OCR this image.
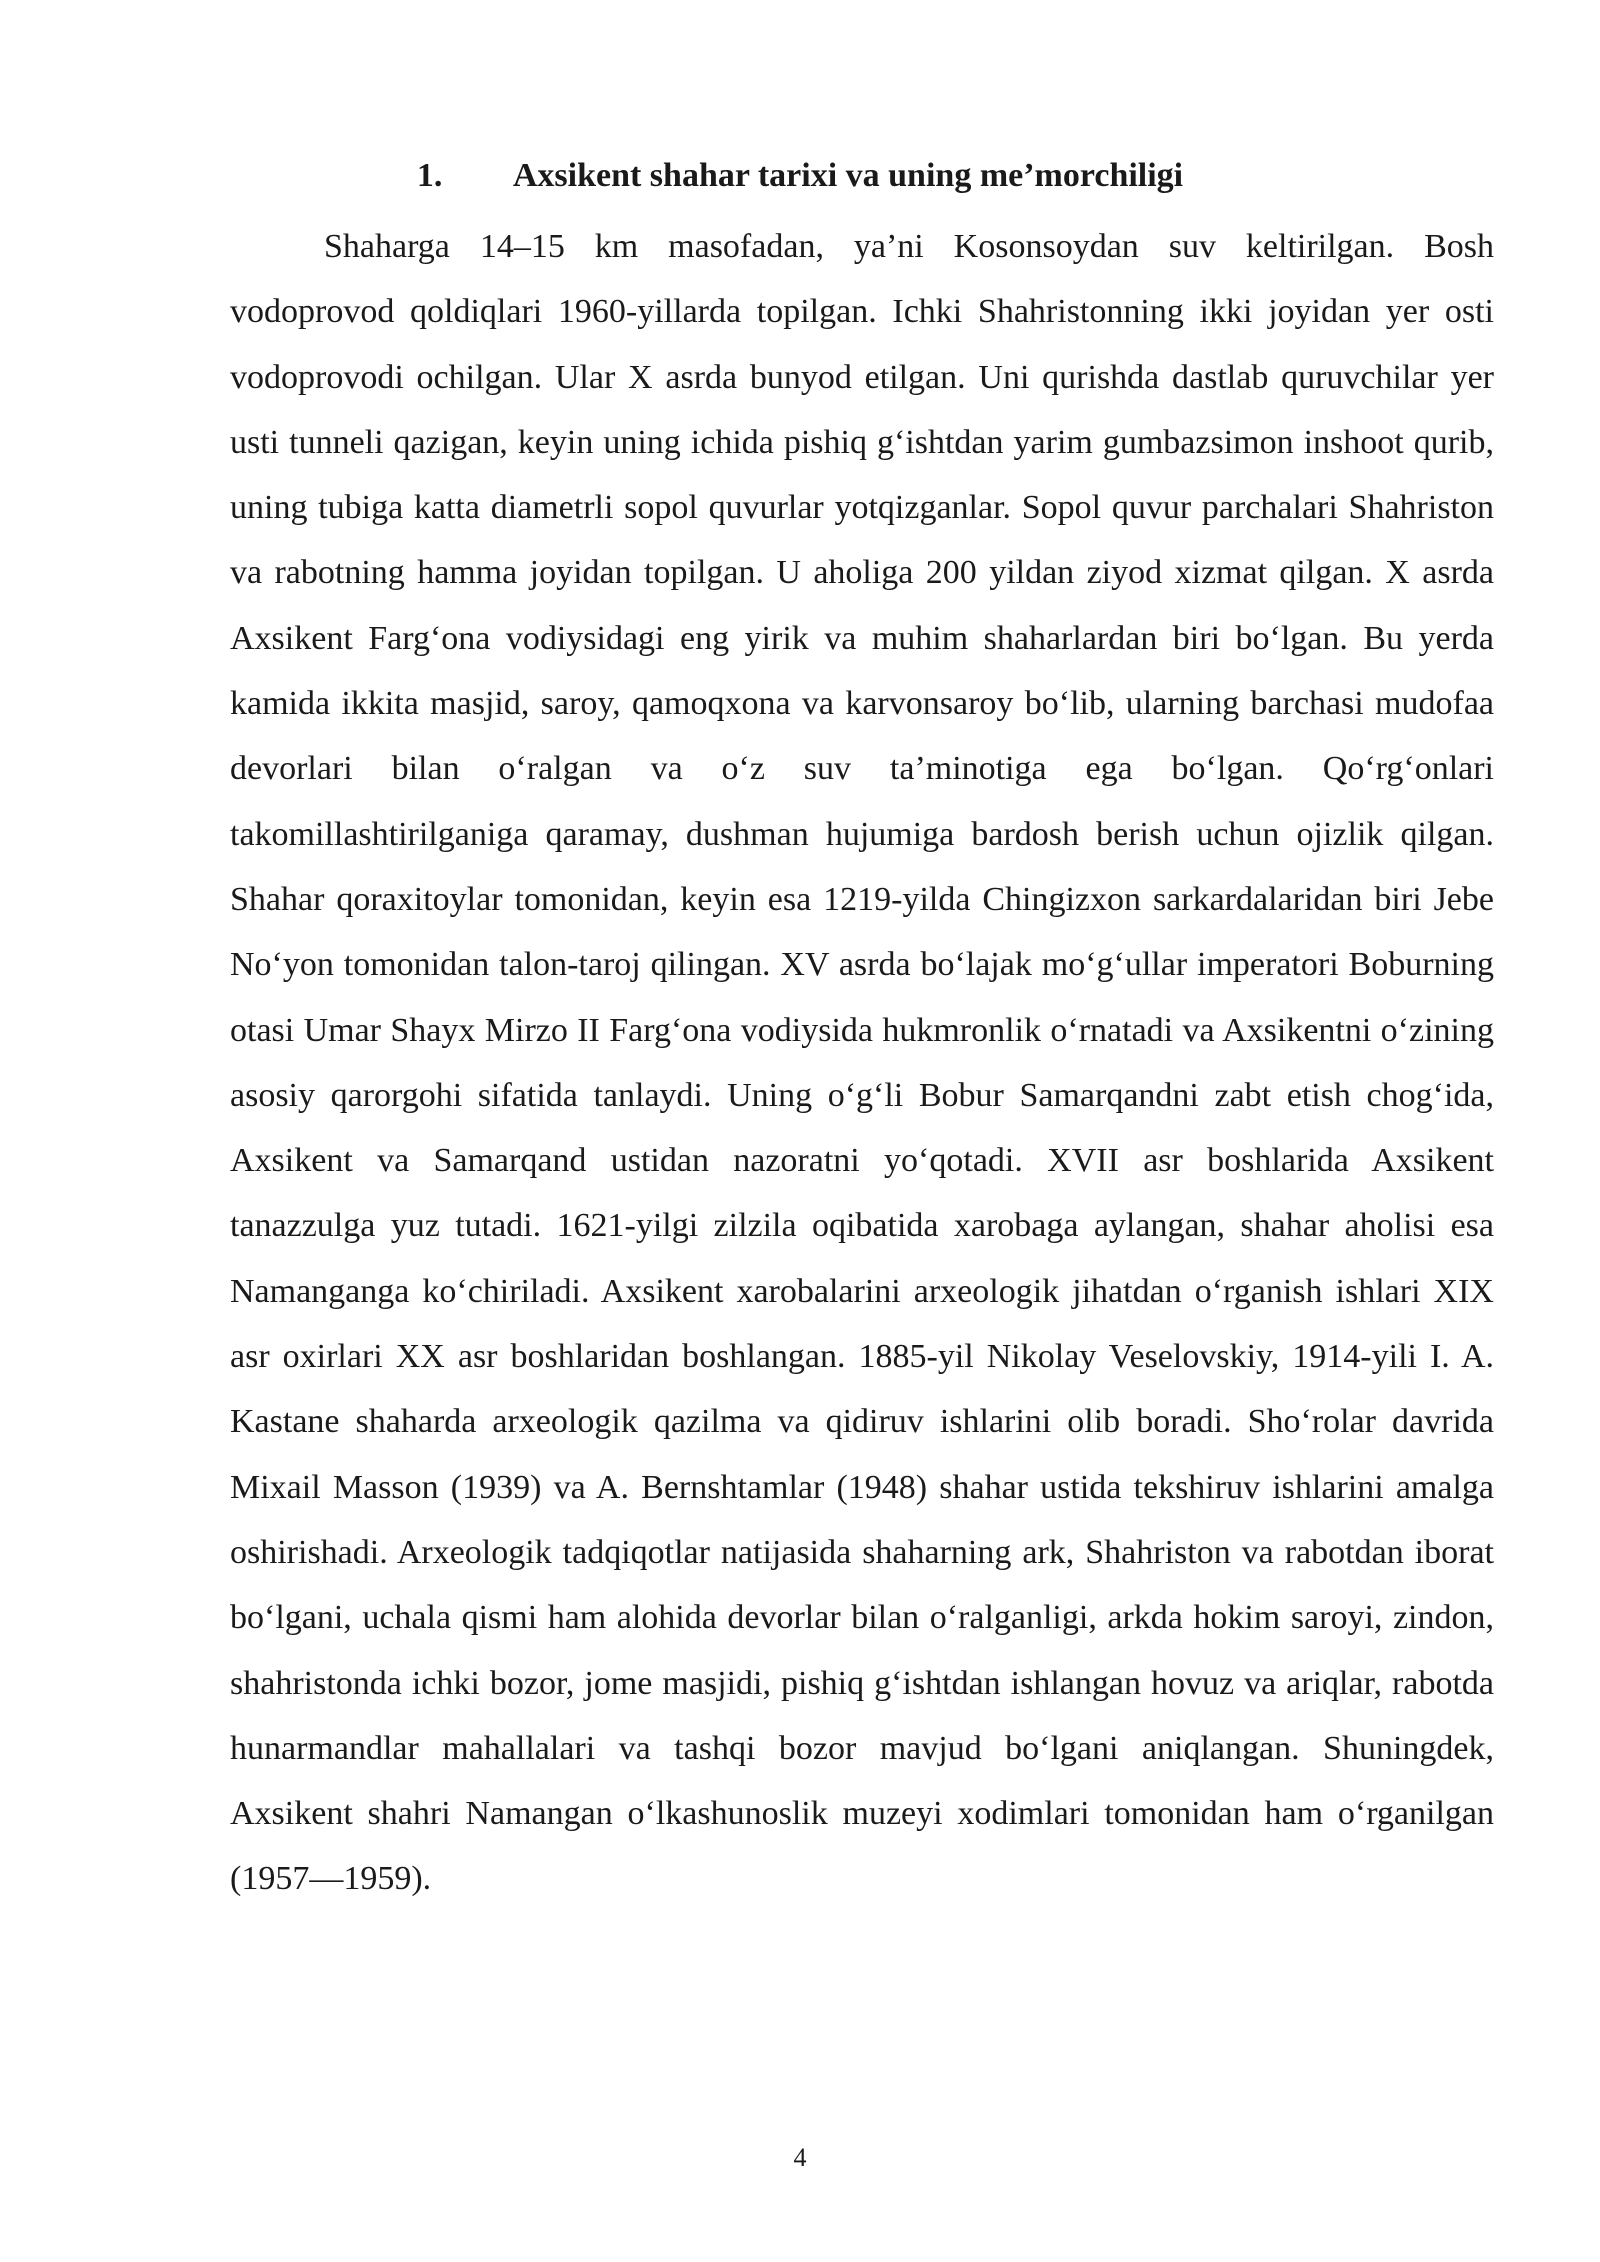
1. Axsikent shahar tarixi va uning me’morchiligi

Shaharga 14–15 km masofadan, ya’ni Kosonsoydan suv keltirilgan. Bosh vodoprovod qoldiqlari 1960-yillarda topilgan. Ichki Shahristonning ikki joyidan yer osti vodoprovodi ochilgan. Ular X asrda bunyod etilgan. Uni qurishda dastlab quruvchilar yer usti tunneli qazigan, keyin uning ichida pishiq g‘ishtdan yarim gumbazsimon inshoot qurib, uning tubiga katta diametrli sopol quvurlar yotqizganlar. Sopol quvur parchalari Shahriston va rabotning hamma joyidan topilgan. U aholiga 200 yildan ziyod xizmat qilgan. X asrda Axsikent Farg‘ona vodiysidagi eng yirik va muhim shaharlardan biri bo‘lgan. Bu yerda kamida ikkita masjid, saroy, qamoqxona va karvonsaroy bo‘lib, ularning barchasi mudofaa devorlari bilan o‘ralgan va o‘z suv ta’minotiga ega bo‘lgan. Qo‘rg‘onlari takomillashtirilganiga qaramay, dushman hujumiga bardosh berish uchun ojizlik qilgan. Shahar qoraxitoylar tomonidan, keyin esa 1219-yilda Chingizxon sarkardalaridan biri Jebe No‘yon tomonidan talon-taroj qilingan. XV asrda bo‘lajak mo‘g‘ullar imperatori Boburning otasi Umar Shayx Mirzo II Farg‘ona vodiysida hukmronlik o‘rnatadi va Axsikentni o‘zining asosiy qarorgohi sifatida tanlaydi. Uning o‘g‘li Bobur Samarqandni zabt etish chog‘ida, Axsikent va Samarqand ustidan nazoratni yo‘qotadi. XVII asr boshlarida Axsikent tanazzulga yuz tutadi. 1621-yilgi zilzila oqibatida xarobaga aylangan, shahar aholisi esa Namanganga ko‘chiriladi. Axsikent xarobalarini arxeologik jihatdan o‘rganish ishlari XIX asr oxirlari XX asr boshlaridan boshlangan. 1885-yil Nikolay Veselovskiy, 1914-yili I. A. Kastane shaharda arxeologik qazilma va qidiruv ishlarini olib boradi. Sho‘rolar davrida Mixail Masson (1939) va A. Bernshtamlar (1948) shahar ustida tekshiruv ishlarini amalga oshirishadi. Arxeologik tadqiqotlar natijasida shaharning ark, Shahriston va rabotdan iborat bo‘lgani, uchala qismi ham alohida devorlar bilan o‘ralganligi, arkda hokim saroyi, zindon, shahristonda ichki bozor, jome masjidi, pishiq g‘ishtdan ishlangan hovuz va ariqlar, rabotda hunarmandlar mahallalari va tashqi bozor mavjud bo‘lgani aniqlangan. Shuningdek, Axsikent shahri Namangan o‘lkashunoslik muzeyi xodimlari tomonidan ham o‘rganilgan (1957—1959).

4
